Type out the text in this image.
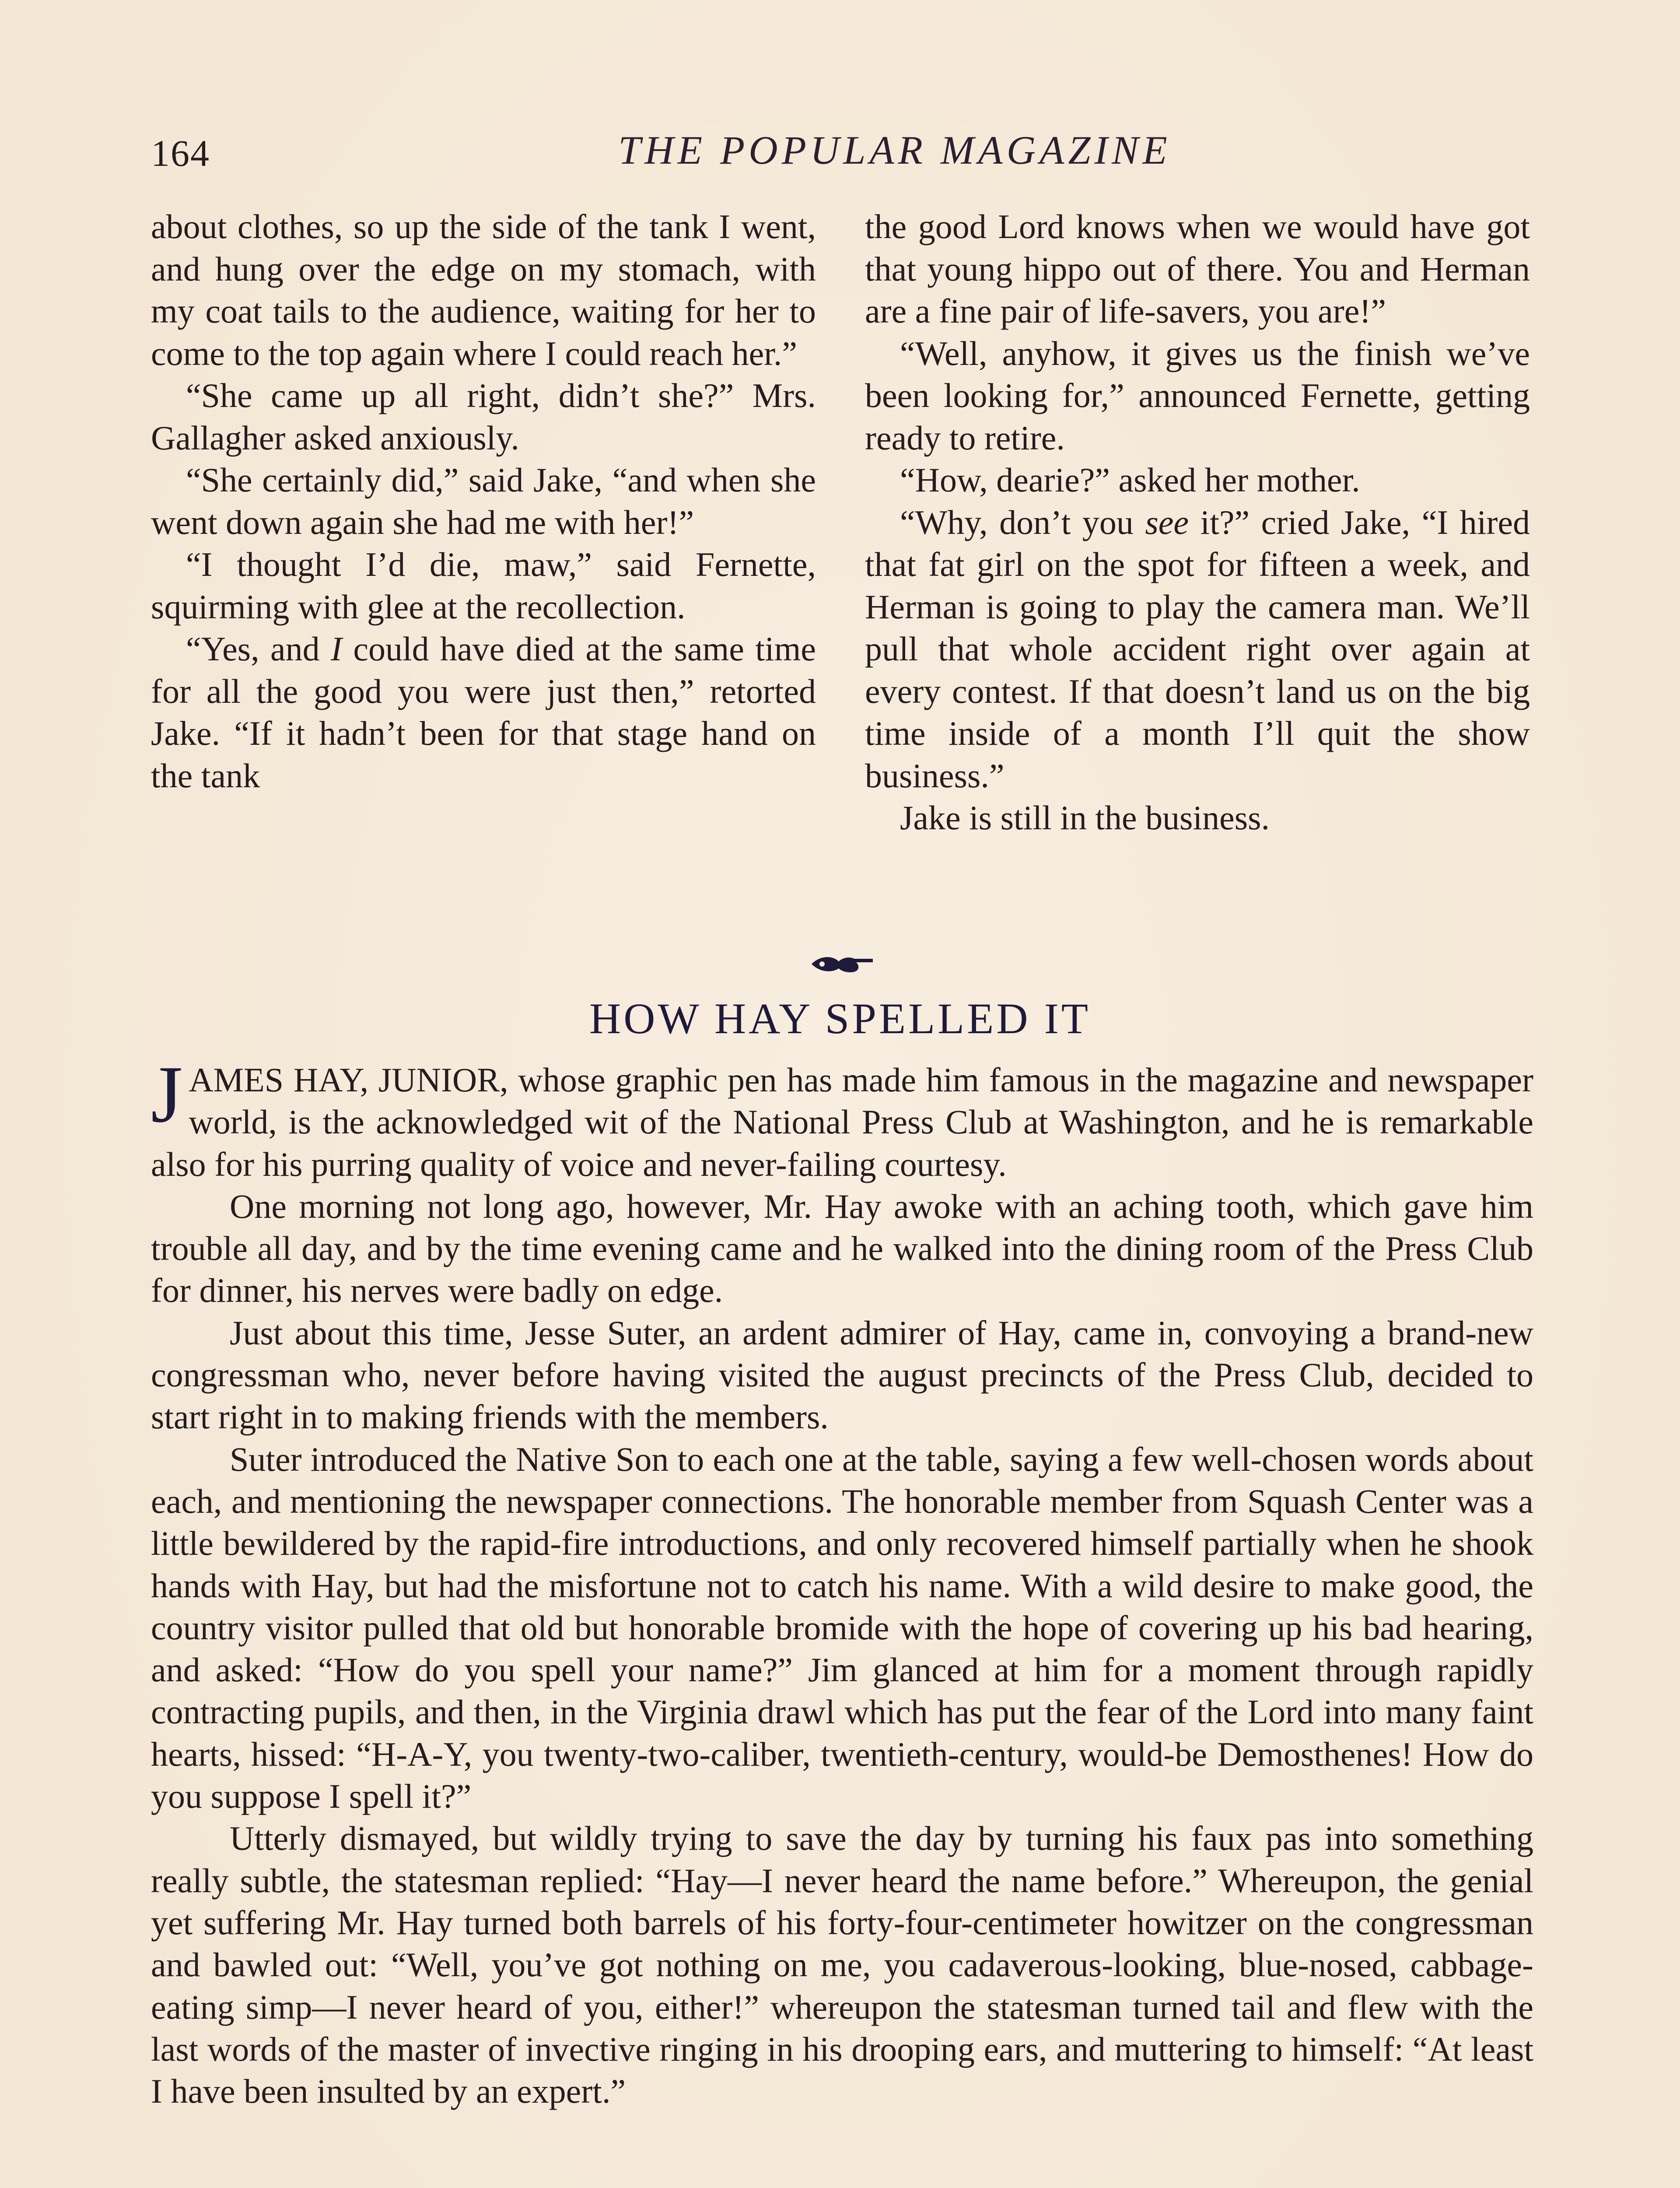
164	THE POPULAR MAGAZINE

about clothes, so up the side of the tank I went, and hung over the edge on my stomach, with my coat tails to the audience, waiting for her to come to the top again where I could reach her.”

“She came up all right, didn’t she?” Mrs. Gallagher asked anxiously.

“She certainly did,” said Jake, “and when she went down again she had me with her!”

“I thought I’d die, maw,” said Fernette, squirming with glee at the recollection.

“Yes, and I could have died at the same time for all the good you were just then,” retorted Jake. “If it hadn’t been for that stage hand on the tank

the good Lord knows when we would have got that young hippo out of there. You and Herman are a fine pair of life-savers, you are!”

“Well, anyhow, it gives us the finish we’ve been looking for,” announced Fernette, getting ready to retire.

“How, dearie?” asked her mother.

“Why, don’t you see it?” cried Jake, “I hired that fat girl on the spot for fifteen a week, and Herman is going to play the camera man. We’ll pull that whole accident right over again at every contest. If that doesn’t land us on the big time inside of a month I’ll quit the show business.”

Jake is still in the business.

HOW HAY SPELLED IT

JAMES HAY, JUNIOR, whose graphic pen has made him famous in the magazine and newspaper world, is the acknowledged wit of the National Press Club at Washington, and he is remarkable also for his purring quality of voice and never-failing courtesy.

One morning not long ago, however, Mr. Hay awoke with an aching tooth, which gave him trouble all day, and by the time evening came and he walked into the dining room of the Press Club for dinner, his nerves were badly on edge.

Just about this time, Jesse Suter, an ardent admirer of Hay, came in, convoying a brand-new congressman who, never before having visited the august precincts of the Press Club, decided to start right in to making friends with the members.

Suter introduced the Native Son to each one at the table, saying a few well-chosen words about each, and mentioning the newspaper connections. The honorable member from Squash Center was a little bewildered by the rapid-fire introductions, and only recovered himself partially when he shook hands with Hay, but had the misfortune not to catch his name. With a wild desire to make good, the country visitor pulled that old but honorable bromide with the hope of covering up his bad hearing, and asked: “How do you spell your name?” Jim glanced at him for a moment through rapidly contracting pupils, and then, in the Virginia drawl which has put the fear of the Lord into many faint hearts, hissed: “H-A-Y, you twenty-two-caliber, twentieth-century, would-be Demosthenes! How do you suppose I spell it?”

Utterly dismayed, but wildly trying to save the day by turning his faux pas into something really subtle, the statesman replied: “Hay—I never heard the name before.” Whereupon, the genial yet suffering Mr. Hay turned both barrels of his forty-four-centimeter howitzer on the congressman and bawled out: “Well, you’ve got nothing on me, you cadaverous-looking, blue-nosed, cabbage-eating simp—I never heard of you, either!” whereupon the statesman turned tail and flew with the last words of the master of invective ringing in his drooping ears, and muttering to himself: “At least I have been insulted by an expert.”
